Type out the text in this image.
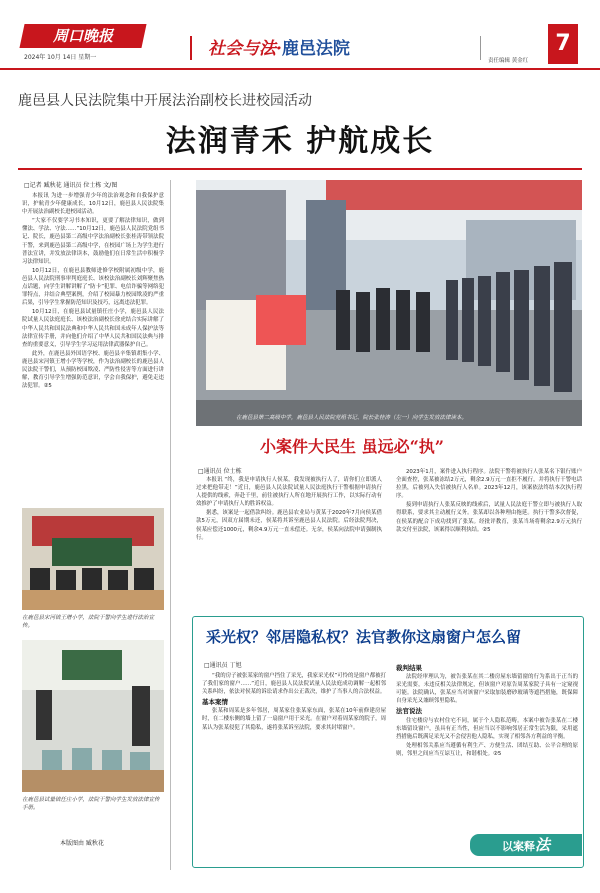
周口晚报
2024年 10月 14日 星期一	社会与法·鹿邑法院
责任编辑 黄金红
7
鹿邑县人民法院集中开展法治副校长进校园活动
法润青禾 护航成长
□记者 臧秋花 通讯员 位士栋 文/图

本报讯 为进一步增强青少年的法治观念和自我保护意识，护航青少年健康成长，10月12日，鹿邑县人民法院集中开展法治副校长进校园活动。

“大家不仅要学习书本知识，更要了解法律知识，做到懂法、学法、守法……”10月12日，鹿邑县人民法院党组书记、院长，鹿邑县第二高级中学法治副校长张桂涛带领法院干警，来到鹿邑县第二高级中学，在校园广场上为学生进行普法宣讲，并发放法律读本，鼓励他们在日常生活中积极学习法律知识。

10月12日，在鹿邑县教师进修学校附属初级中学，鹿邑县人民法院刑事审判庭庭长、该校法治副校长刘辉聚焦热点话题，向学生讲解讲解了“防卡”犯罪、电信诈骗等网络犯罪特点，并结合典型案例，介绍了校园暴力校园欺凌的严重后果，引导学生掌握防范知识及技巧，远离违法犯罪。

10月12日，在鹿邑县试量镇任庄小学，鹿邑县人民法院试量人民法庭庭长、该校法治副校长徐虎结合实际讲解了中华人民共和国民法典和中华人民共和国未成年人保护法等法律宣传手册，并向他们介绍了中华人民共和国民法典与排查的重要意义，引导学生学习运用法律武器保护自己。

此外，在鹿邑县外国语学校、鹿邑县辛集镇胡集小学、鹿邑县宋河镇王增小学等学校，作为法治副校长的鹿邑县人民法院干警们，从预防校园欺凌、严防性侵害等方面进行讲解，教育引导学生增强防范意识，学会自我保护，避免走违法犯罪。②5

在鹿邑县第二高级中学，鹿邑县人民法院党组书记、院长张桂涛（左一）向学生发放法律读本。
在鹿邑县宋河镇王增小学，法院干警向学生进行法治宣传。
在鹿邑县试量镇任庄小学，法院干警向学生发放法律宣传手册。
本版图由 臧秋花
小案件大民生 虽远必“执”
□通讯员 位士栋

本报讯 “终，我是申请执行人侯某，我发现被执行人了，请你们立即派人过来把他带走！”近日，鹿邑县人民法院试量人民法庭执行干警根据申请执行人提供的线索，奔赴千里，前往被执行人所在地开展执行工作，以实际行动有效推护了申请执行人的胜诉权益。

据悉，该案是一起借款纠纷。鹿邑县农业局与黄某于2020年7月向侯某借款5万元，因双方届期未还，侯某将其诉至鹿邑县人民法院。后经法院判决，侯某应偿还1000元，剩余4.9万元一直未偿还。无奈，侯某向法院申请强制执行。

2023年1月，案件进入执行程序。法院干警将被执行人张某名下银行账户全面查控，张某被冻结2万元，剩余2.9万元一直拒不履行，并将执行干警电话拉黑，后被列入失信被执行人名单。2023年12月，该案依法终结本次执行程序。

接到申请执行人张某反映的线索后，试量人民法庭干警立即与被执行人取得联系，要求其主动履行义务。张某却以各种理由拖延。执行干警多次督促，在侯某的配合下成功找到了张某。经批评教育，张某当场将剩余2.9万元执行款交付至法院，该案得以顺利执结。②5

采光权？邻居隐私权？法官教你这扇窗户怎么留
□通讯员 丁旭

“我的房子被张某家的窗户挡住了采光，我家采光权”可怜的是窗户都被打了我们家的窗户……”近日，鹿邑县人民法院试量人民法庭成功调解一起相邻关系纠纷，依法对侯某的诉讼请求作出公正裁决，维护了当事人的合法权益。

基本案情

张某和周某是多年邻居，周某家住张某家东面，张某在10年前修建房屋时，在二楼东侧的墙上留了一扇窗户用于采光。在窗户对着周某家的院子，周某认为张某侵犯了其隐私，遂将张某诉至法院，要求其封堵窗户。

裁判结果

法院经审理认为，被告张某在其二楼房屋东墙留窗的行为系出于正当的采光需要，未违反相关法律规定，但该窗户对原告周某家院子具有一定窥视可能。法院确认，张某应当对该窗户采取加装磨砂玻璃等遮挡措施，既保障自身采光又兼顾邻里隐私。

法官说法

住宅楼房与农村住宅不同，属于个人隐私范畴。本案中被告张某在二楼东墙留设窗户，虽具有正当性，但应当以不影响邻居正常生活为限，采用遮挡措施后既满足采光又不会侵害他人隐私，实现了相邻各方利益的平衡。

处理相邻关系应当遵循有利生产、方便生活、团结互助、公平合理的原则，邻里之间应当互谅互让，和谐相处。②5

以案释法
